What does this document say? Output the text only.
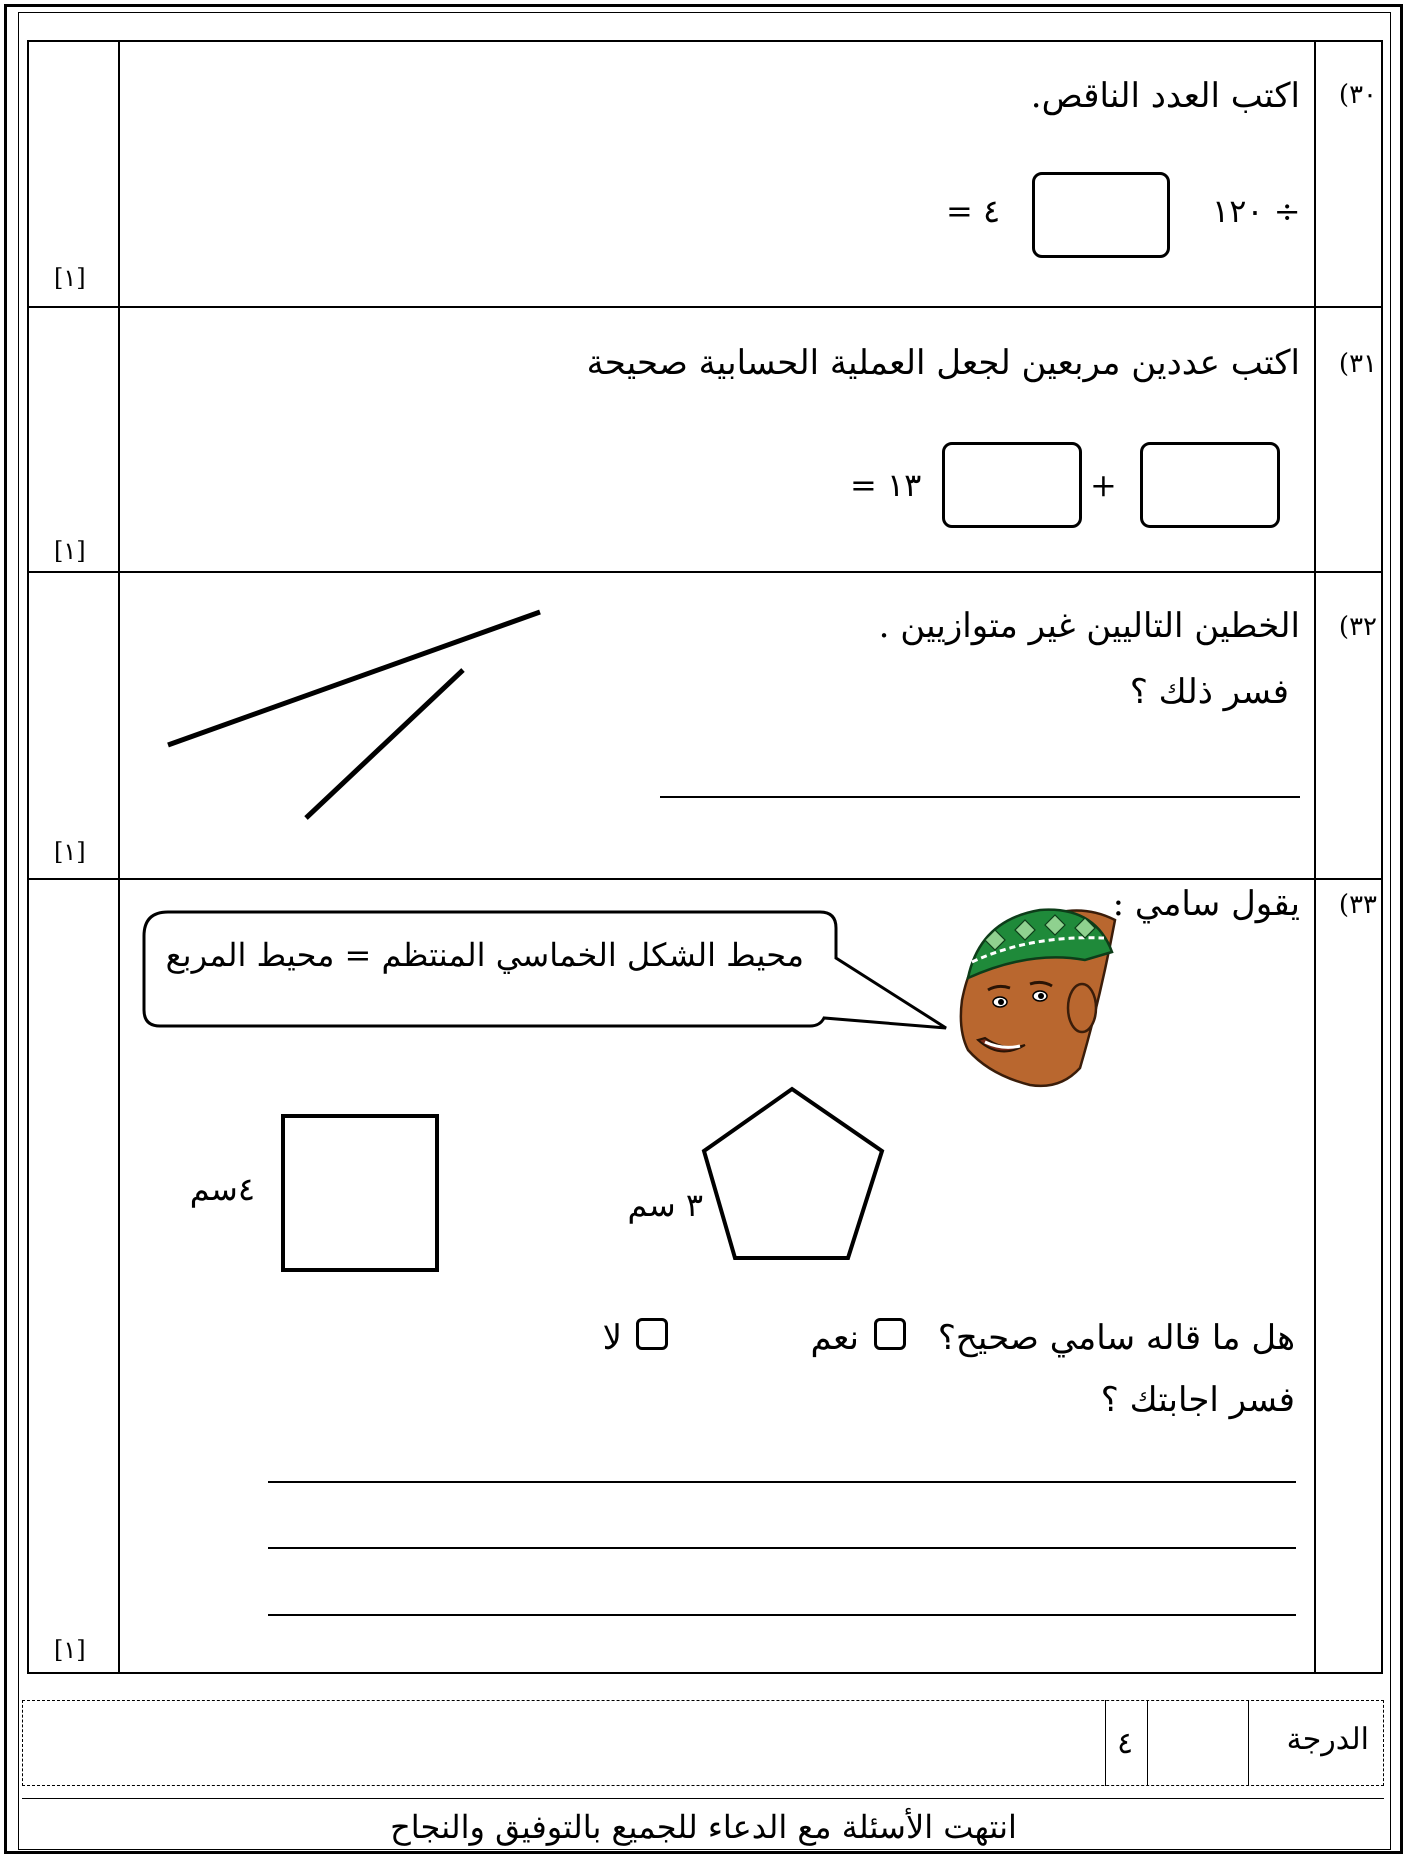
٣٠)
اكتب العدد الناقص.
١٢٠ ÷
= ٤
[١]
٣١)
اكتب عددين مربعين لجعل العملية الحسابية صحيحة
+
= ١٣
[١]
٣٢)
الخطين التاليين غير متوازيين .
فسر ذلك ؟
[١]
٣٣)
يقول سامي :
محيط الشكل الخماسي المنتظم = محيط المربع
٣ سم
٤سم
هل ما قاله سامي صحيح؟
نعم
لا
فسر اجابتك ؟
[١]
الدرجة
٤
انتهت الأسئلة مع الدعاء للجميع بالتوفيق والنجاح
